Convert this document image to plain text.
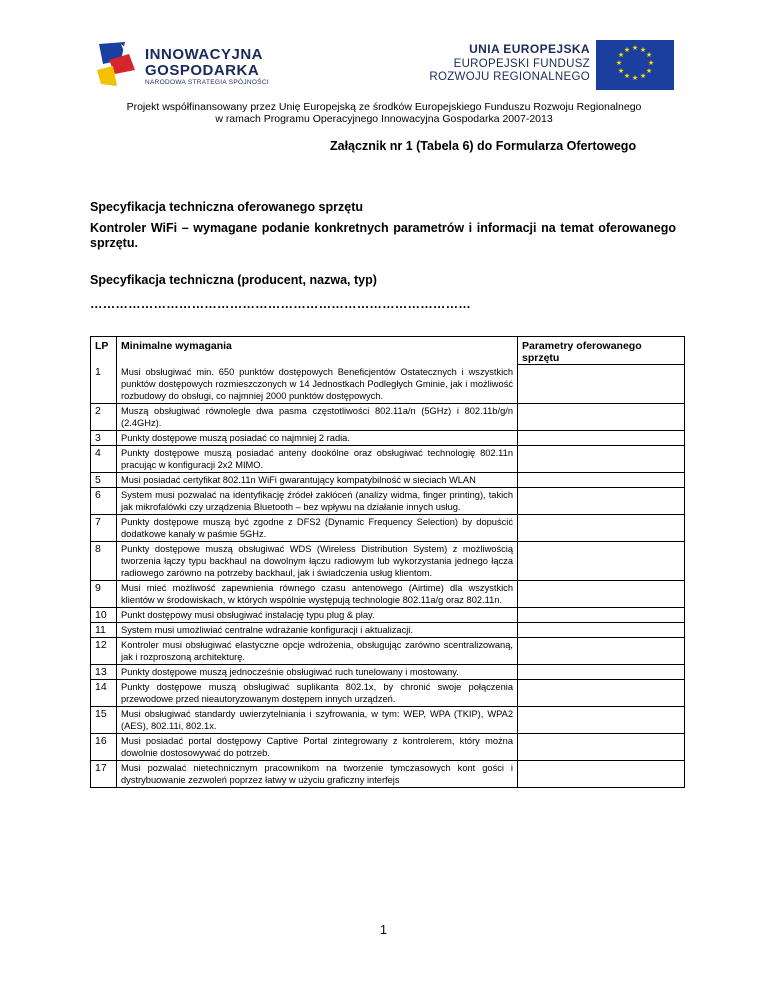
INNOWACYJNA
GOSPODARKA
NARODOWA STRATEGIA SPÓJNOŚCI
UNIA EUROPEJSKA
EUROPEJSKI FUNDUSZ
ROZWOJU REGIONALNEGO
★ ★
★
★
★
★
★
★
★
★
★
★
Projekt współfinansowany przez Unię Europejską ze środków Europejskiego Funduszu Rozwoju Regionalnego
w ramach Programu Operacyjnego Innowacyjna Gospodarka 2007-2013
Załącznik nr 1 (Tabela 6) do Formularza Ofertowego
Specyfikacja techniczna oferowanego sprzętu
Kontroler WiFi – wymagane podanie konkretnych parametrów i informacji na temat oferowanego sprzętu.
Specyfikacja techniczna (producent, nazwa, typ)
………………………………………………………………………………
LP	Minimalne wymagania	Parametry oferowanego sprzętu
1	Musi obsługiwać min. 650 punktów dostępowych Beneficjentów Ostatecznych i wszystkich punktów dostępowych rozmieszczonych w 14 Jednostkach Podległych Gminie, jak i możliwość rozbudowy do obsługi, co najmniej 2000 punktów dostępowych.	
2	Muszą obsługiwać równolegle dwa pasma częstotliwości 802.11a/n (5GHz) i 802.11b/g/n (2.4GHz).	
3	Punkty dostępowe muszą posiadać co najmniej 2 radia.	
4	Punkty dostępowe muszą posiadać anteny dookólne oraz obsługiwać technologię 802.11n pracując w konfiguracji 2x2 MIMO.	
5	Musi posiadać certyfikat 802.11n WiFi gwarantujący kompatybilność w sieciach WLAN	
6	System musi pozwalać na identyfikację źródeł zakłóceń (analizy widma, finger printing), takich jak mikrofalówki czy urządzenia Bluetooth – bez wpływu na działanie innych usług.	
7	Punkty dostępowe muszą być zgodne z DFS2 (Dynamic Frequency Selection) by dopuścić dodatkowe kanały w paśmie 5GHz.	
8	Punkty dostępowe muszą obsługiwać WDS (Wireless Distribution System) z możliwością tworzenia łączy typu backhaul na dowolnym łączu radiowym lub wykorzystania jednego łącza radiowego zarówno na potrzeby backhaul, jak i świadczenia usług klientom.	
9	Musi mieć możliwość zapewnienia równego czasu antenowego (Airtime) dla wszystkich klientów w środowiskach, w których wspólnie występują technologie 802.11a/g oraz 802.11n.	
10	Punkt dostępowy musi obsługiwać instalację typu plug & play.	
11	System musi umożliwiać centralne wdrażanie konfiguracji i aktualizacji.	
12	Kontroler musi obsługiwać elastyczne opcje wdrożenia, obsługując zarówno scentralizowaną, jak i rozproszoną architekturę.	
13	Punkty dostępowe muszą jednocześnie obsługiwać ruch tunelowany i mostowany.	
14	Punkty dostępowe muszą obsługiwać suplikanta 802.1x, by chronić swoje połączenia przewodowe przed nieautoryzowanym dostępem innych urządzeń.	
15	Musi obsługiwać standardy uwierzytelniania i szyfrowania, w tym: WEP, WPA (TKIP), WPA2 (AES), 802.11i, 802.1x.	
16	Musi posiadać portal dostępowy Captive Portal zintegrowany z kontrolerem, który można dowolnie dostosowywać do potrzeb.	
17	Musi pozwalać nietechnicznym pracownikom na tworzenie tymczasowych kont gości i dystrybuowanie zezwoleń poprzez łatwy w użyciu graficzny interfejs	
1
